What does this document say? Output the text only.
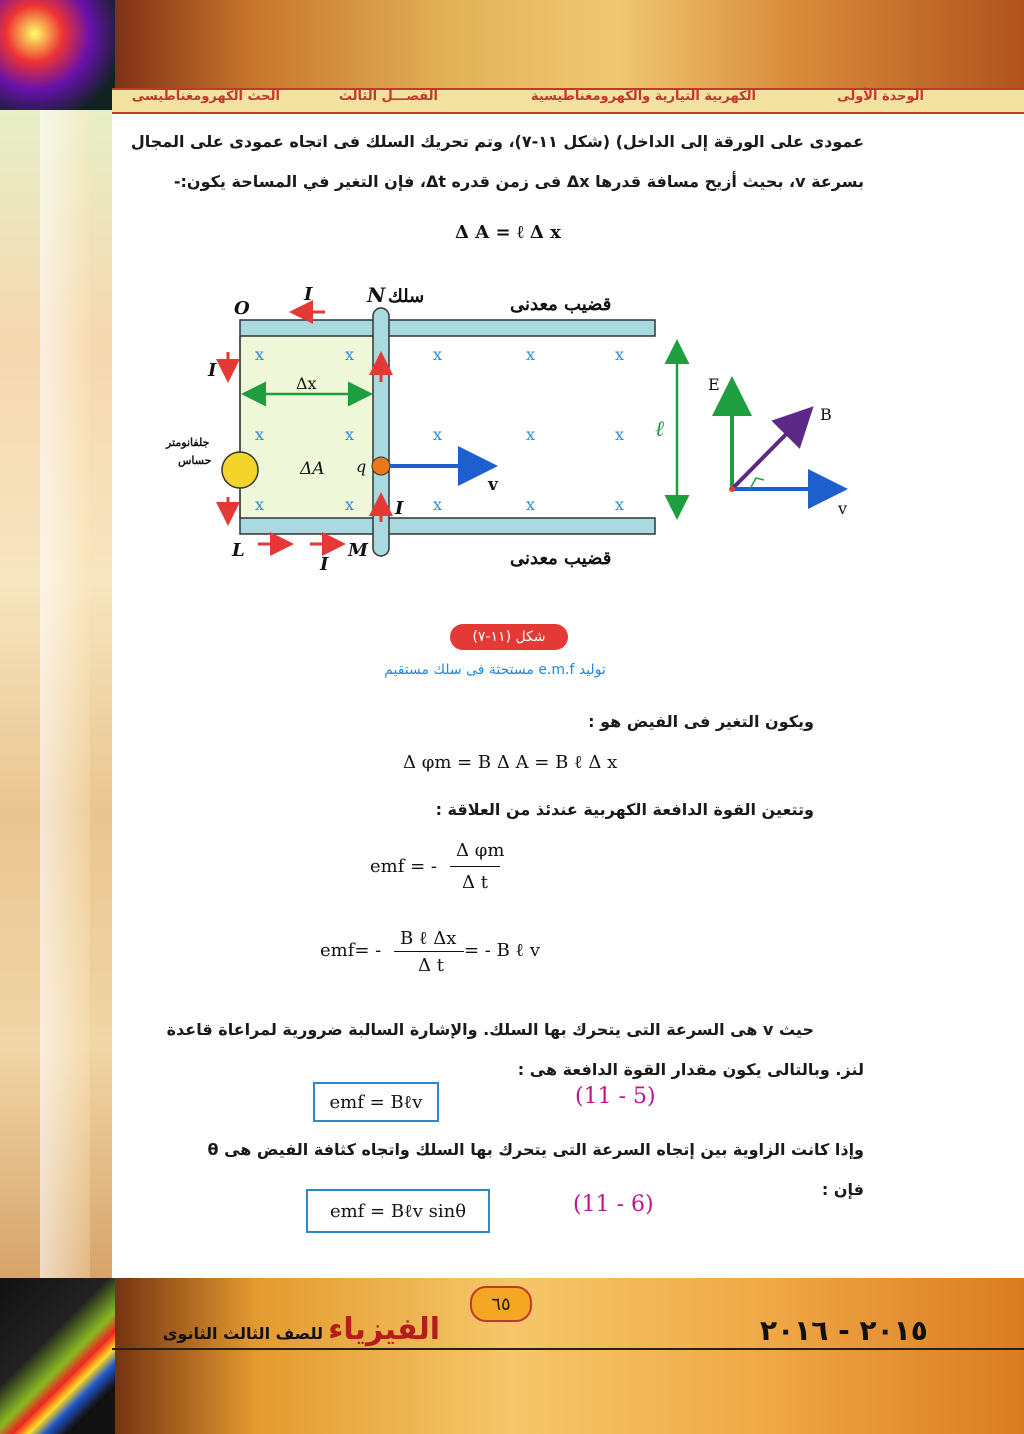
الوحدة الأولى
الكهربية التيارية والكهرومغناطيسية
الفصـــل الثالث
الحث الكهرومغناطيسى
عمودى على الورقة إلى الداخل) (شكل ١١-٧)، وتم تحريك السلك فى اتجاه عمودى على المجال
بسرعة v، بحيث أزيح مسافة قدرها Δx فى زمن قدره Δt، فإن التغير في المساحة يكون:-
Δ A = ℓ Δ x
x	x	x	x	x
x	x	x	x	x
x	x	x	x	x
O
I	N سلك	قضيب معدنى
I
Δx
ΔA q
v
I
ℓ
L	M
I	قضيب معدنى
جلفانومتر
حساس
E
B
v
شكل (١١-٧)
توليد e.m.f مستحثة فى سلك مستقيم
ويكون التغير فى الفيض هو :
Δ φm = B Δ A = B ℓ Δ x
وتتعين القوة الدافعة الكهربية عندئذ من العلاقة :
emf = -
Δ φm
Δ t
emf= -
B ℓ Δx
Δ t
= - B ℓ v
حيث v هى السرعة التى يتحرك بها السلك. والإشارة السالبة ضرورية لمراعاة قاعدة
لنز. وبالتالى يكون مقدار القوة الدافعة هى :
emf = Bℓv	(11 - 5)
وإذا كانت الزاوية بين إتجاه السرعة التى يتحرك بها السلك واتجاه كثافة الفيض هى θ
فإن :
emf = Bℓv sinθ	(11 - 6)
٦٥
الفيزياء للصف الثالث الثانوى	٢٠١٥ - ٢٠١٦
